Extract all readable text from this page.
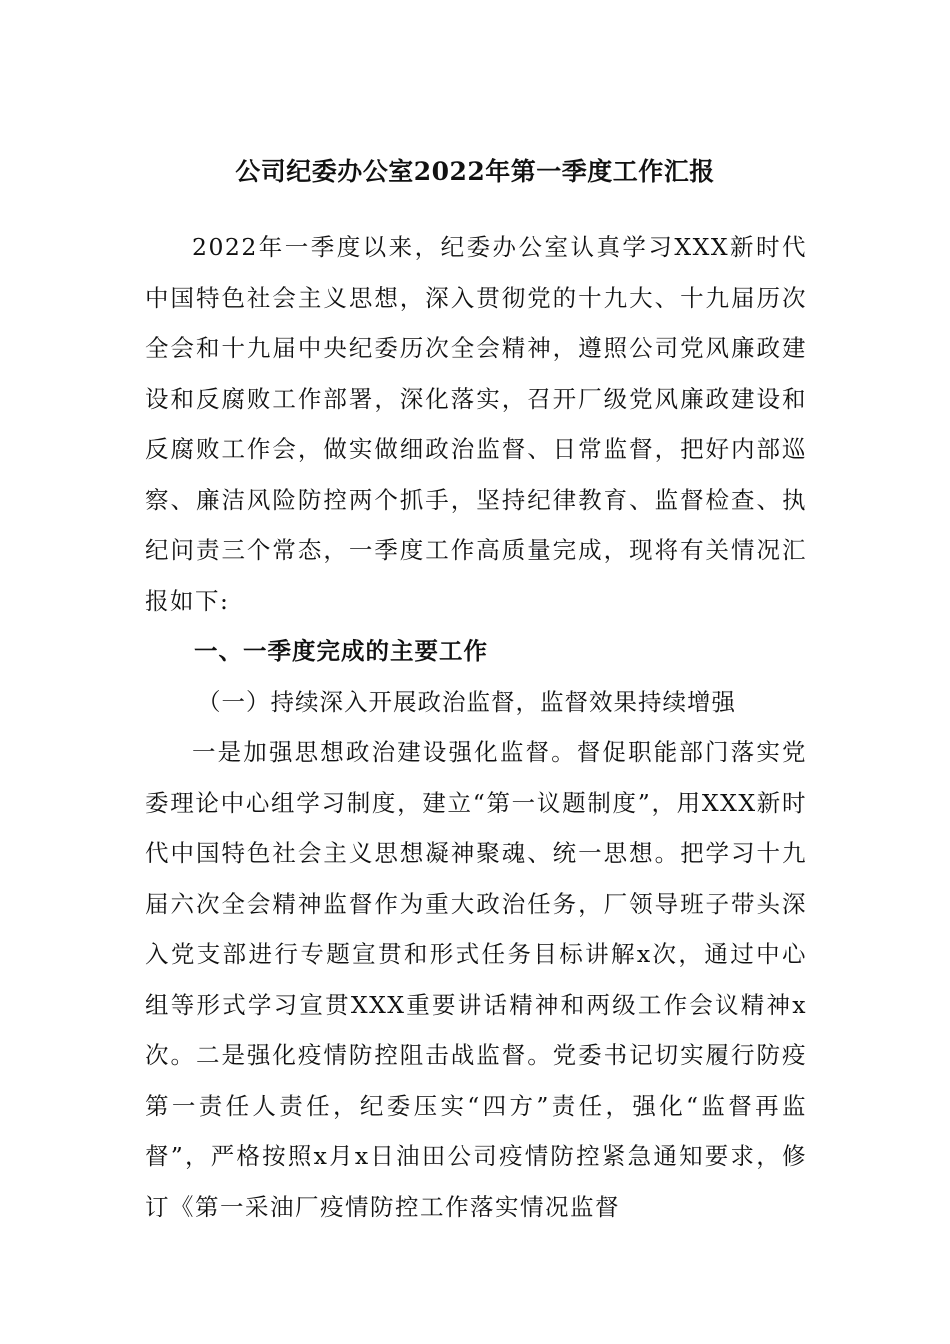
公司纪委办公室2022年第一季度工作汇报

2022年一季度以来，纪委办公室认真学习XXX新时代中国特色社会主义思想，深入贯彻党的十九大、十九届历次全会和十九届中央纪委历次全会精神，遵照公司党风廉政建设和反腐败工作部署，深化落实，召开厂级党风廉政建设和反腐败工作会，做实做细政治监督、日常监督，把好内部巡察、廉洁风险防控两个抓手，坚持纪律教育、监督检查、执纪问责三个常态，一季度工作高质量完成，现将有关情况汇报如下:

一、一季度完成的主要工作

（一）持续深入开展政治监督，监督效果持续增强

一是加强思想政治建设强化监督。督促职能部门落实党委理论中心组学习制度，建立“第一议题制度”，用XXX新时代中国特色社会主义思想凝神聚魂、统一思想。把学习十九届六次全会精神监督作为重大政治任务，厂领导班子带头深入党支部进行专题宣贯和形式任务目标讲解x次，通过中心组等形式学习宣贯XXX重要讲话精神和两级工作会议精神x次。二是强化疫情防控阻击战监督。党委书记切实履行防疫第一责任人责任，纪委压实“四方”责任，强化“监督再监督”，严格按照x月x日油田公司疫情防控紧急通知要求，修订《第一采油厂疫情防控工作落实情况监督
